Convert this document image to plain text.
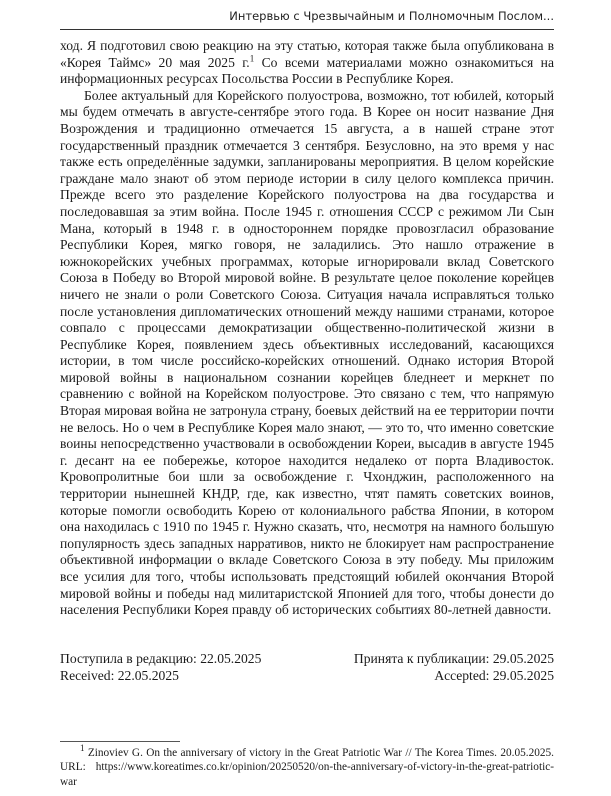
Интервью с Чрезвычайным и Полномочным Послом...

ход. Я подготовил свою реакцию на эту статью, которая также была опубликована в «Корея Таймс» 20 мая 2025 г.$^1$ Со всеми материалами можно ознакомиться на информационных ресурсах Посольства России в Республике Корея.

Более актуальный для Корейского полуострова, возможно, тот юбилей, который мы будем отмечать в августе-сентябре этого года. В Корее он носит название Дня Возрождения и традиционно отмечается 15 августа, а в нашей стране этот государственный праздник отмечается 3 сентября. Безусловно, на это время у нас также есть определённые задумки, запланированы мероприятия. В целом корейские граждане мало знают об этом периоде истории в силу целого комплекса причин. Прежде всего это разделение Корейского полуострова на два государства и последовавшая за этим война. После 1945 г. отношения СССР с режимом Ли Сын Мана, который в 1948 г. в одностороннем порядке провозгласил образование Республики Корея, мягко говоря, не заладились. Это нашло отражение в южнокорейских учебных программах, которые игнорировали вклад Советского Союза в Победу во Второй мировой войне. В результате целое поколение корейцев ничего не знали о роли Советского Союза. Ситуация начала исправляться только после установления дипломатических отношений между нашими странами, которое совпало с процессами демократизации общественно-политической жизни в Республике Корея, появлением здесь объективных исследований, касающихся истории, в том числе российско-корейских отношений. Однако история Второй мировой войны в национальном сознании корейцев бледнеет и меркнет по сравнению с войной на Корейском полуострове. Это связано с тем, что напрямую Вторая мировая война не затронула страну, боевых действий на ее территории почти не велось. Но о чем в Республике Корея мало знают, — это то, что именно советские воины непосредственно участвовали в освобождении Кореи, высадив в августе 1945 г. десант на ее побережье, которое находится недалеко от порта Владивосток. Кровопролитные бои шли за освобождение г. Чхонджин, расположенного на территории нынешней КНДР, где, как известно, чтят память советских воинов, которые помогли освободить Корею от колониального рабства Японии, в котором она находилась с 1910 по 1945 г. Нужно сказать, что, несмотря на намного большую популярность здесь западных нарративов, никто не блокирует нам распространение объективной информации о вкладе Советского Союза в эту победу. Мы приложим все усилия для того, чтобы использовать предстоящий юбилей окончания Второй мировой войны и победы над милитаристской Японией для того, чтобы донести до населения Республики Корея правду об исторических событиях 80-летней давности.

Поступила в редакцию: 22.05.2025	Принята к публикации: 29.05.2025
Received: 22.05.2025	Accepted: 29.05.2025
$^1$ Zinoviev G. On the anniversary of victory in the Great Patriotic War // The Korea Times. 20.05.2025. URL: https://www.koreatimes.co.kr/opinion/20250520/on-the-anniversary-of-victory-in-the-great-patriotic-war
